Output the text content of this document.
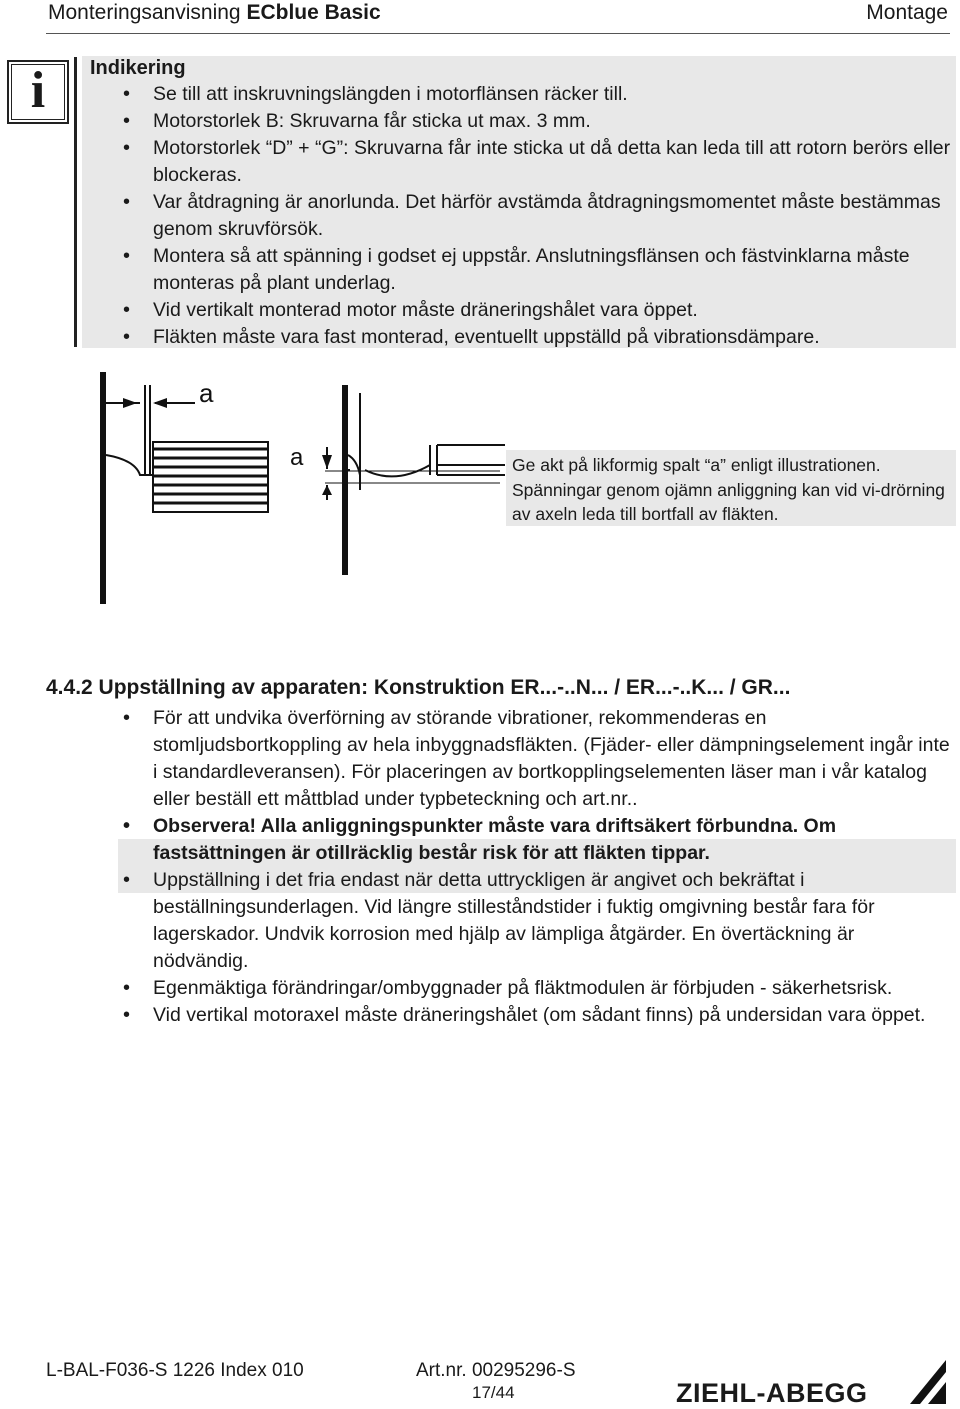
Monteringsanvisning ECblue Basic	Montage
i Indikering
• Se till att inskruvningslängden i motorflänsen räcker till.
• Motorstorlek B: Skruvarna får sticka ut max. 3 mm.
• Motorstorlek “D” + “G”: Skruvarna får inte sticka ut då detta kan leda till att rotorn berörs eller blockeras.
• Var åtdragning är anorlunda. Det härför avstämda åtdragningsmomentet måste bestämmas genom skruvförsök.
• Montera så att spänning i godset ej uppstår. Anslutningsflänsen och fästvinklarna måste monteras på plant underlag.
• Vid vertikalt monterad motor måste dräneringshålet vara öppet.
• Fläkten måste vara fast monterad, eventuellt uppställd på vibrationsdämpare.
a
a	Ge akt på likformig spalt “a” enligt illustrationen. Spänningar genom ojämn anliggning kan vid vi-drörning av axeln leda till bortfall av fläkten.
4.4.2 Uppställning av apparaten: Konstruktion ER...-..N... / ER...-..K... / GR...
• För att undvika överförning av störande vibrationer, rekommenderas en stomljudsbortkoppling av hela inbyggnadsfläkten. (Fjäder- eller dämpningselement ingår inte i standardleveransen). För placeringen av bortkopplingselementen läser man i vår katalog eller beställ ett måttblad under typbeteckning och art.nr..
• Observera! Alla anliggningspunkter måste vara driftsäkert förbundna. Om fastsättningen är otillräcklig består risk för att fläkten tippar.
• Uppställning i det fria endast när detta uttryckligen är angivet och bekräftat i beställningsunderlagen. Vid längre stilleståndstider i fuktig omgivning består fara för lagerskador. Undvik korrosion med hjälp av lämpliga åtgärder. En övertäckning är nödvändig.
• Egenmäktiga förändringar/ombyggnader på fläktmodulen är förbjuden - säkerhetsrisk.
• Vid vertikal motoraxel måste dräneringshålet (om sådant finns) på undersidan vara öppet.
L-BAL-F036-S 1226 Index 010	Art.nr. 00295296-S
17/44	ZIEHL-ABEGG
